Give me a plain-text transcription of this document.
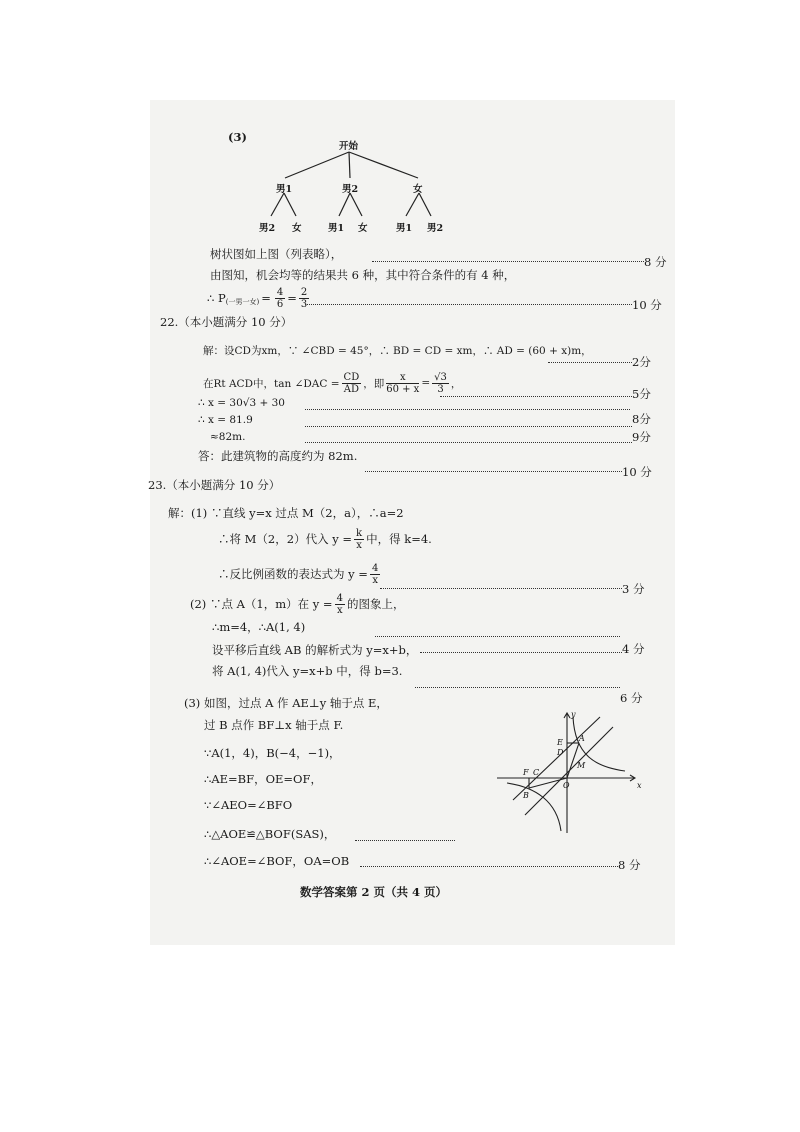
(3)
开始
男1	男2	女
男2 女	男1 女	男1 男2
树状图如上图（列表略），
8 分
由图知，机会均等的结果共 6 种，其中符合条件的有 4 种，
∴ P (一男一女) = $\frac{4}{6} = \frac{2}{3}$	10 分
22.（本小题满分 10 分）
解：设CD为xm，∵ ∠CBD = 45°，∴ BD = CD = xm，∴ AD = (60 + x)m，
2分
在Rt ACD中，tan ∠DAC = $\frac{CD}{AD}$ ，即 $\frac{x}{60 + x} = \frac{√3}{3}$ ，
5分
∴ x = 30√3 + 30
∴ x = 81.9	8分
≈82m.	9分
答：此建筑物的高度约为 82m.
10 分
23.（本小题满分 10 分）
解：(1) ∵直线 y=x 过点 M（2，a），∴a=2
∴将 M（2，2）代入 $y = \frac{k}{x}$ 中，得 k=4.
∴反比例函数的表达式为 $y = \frac{4}{x}$
3 分
(2) ∵点 A（1，m）在 $y = \frac{4}{x}$ 的图象上，
∴m=4，∴A(1, 4)
设平移后直线 AB 的解析式为 y=x+b，	4 分
将 A(1, 4)代入 y=x+b 中，得 b=3.
6 分
(3) 如图，过点 A 作 AE⊥y 轴于点 E，
过 B 点作 BF⊥x 轴于点 F.
∵A(1，4)，B(−4，−1)，
∴AE=BF，OE=OF，
∵∠AEO=∠BFO
∴△AOE≌△BOF(SAS)，
∴∠AOE=∠BOF，OA=OB	8 分
x
y
O
A
B
E
D
M
F C
数学答案第 2 页（共 4 页）
